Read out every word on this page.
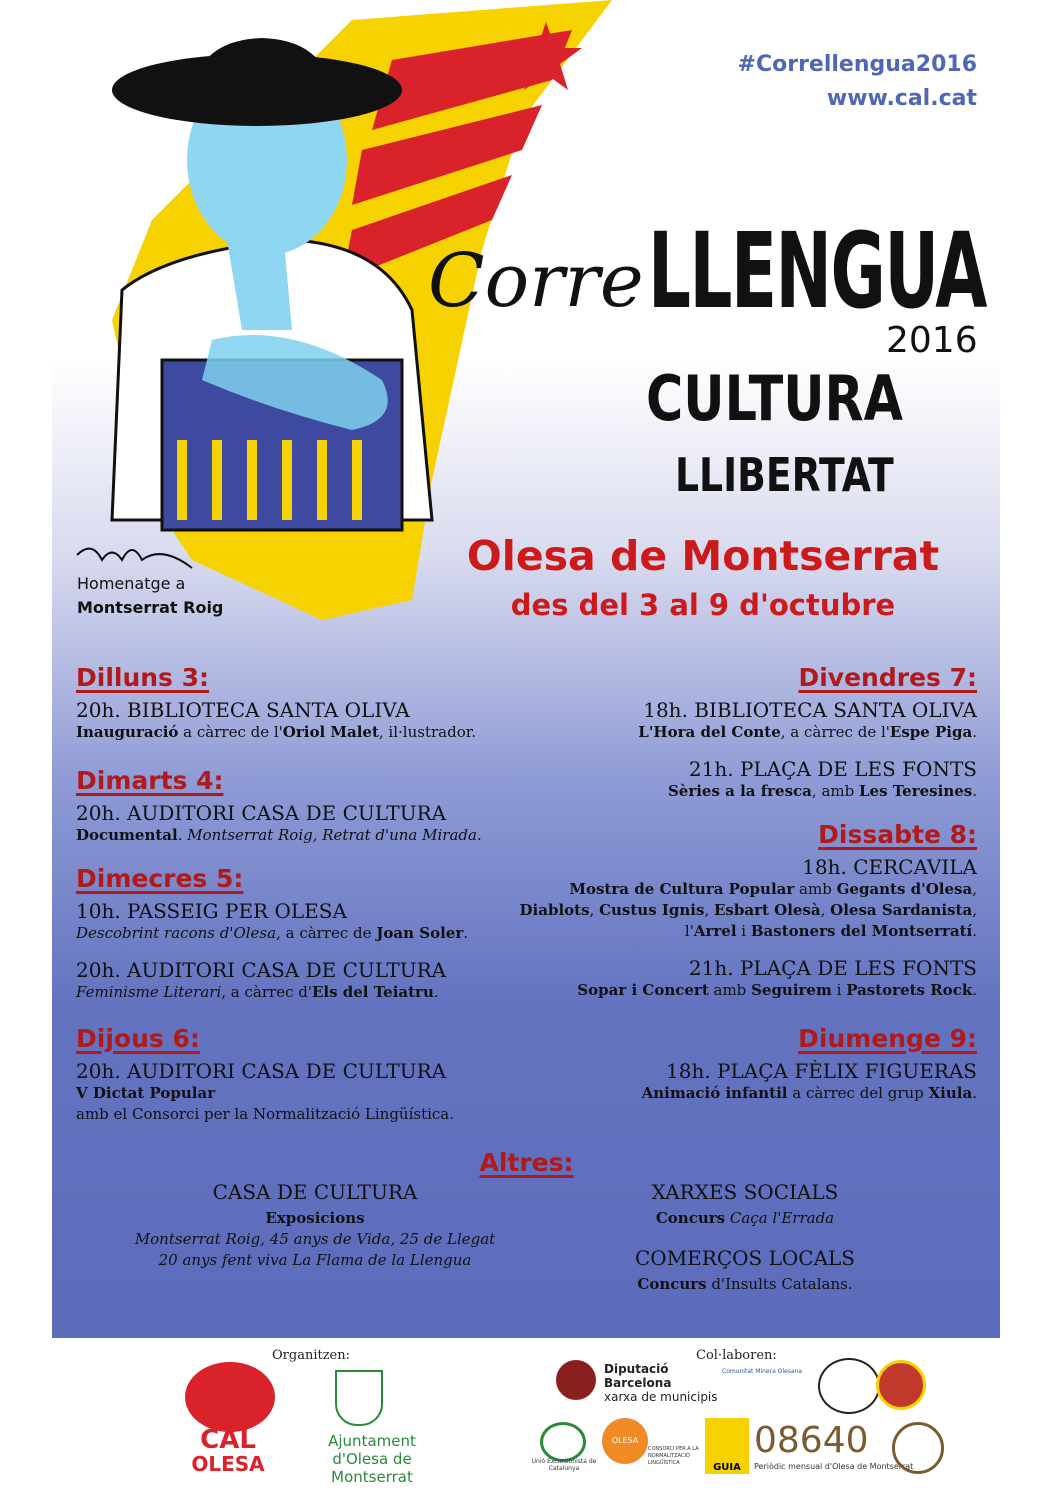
#Correllengua2016
www.cal.cat
Corre LLENGUA
2016
CULTURA
LLIBERTAT
Homenatge a
Montserrat Roig
Olesa de Montserrat
des del 3 al 9 d'octubre
Dilluns 3:
20h. BIBLIOTECA SANTA OLIVA
Inauguració a càrrec de l'Oriol Malet, il·lustrador.
Dimarts 4:
20h. AUDITORI CASA DE CULTURA
Documental. Montserrat Roig, Retrat d'una Mirada.
Dimecres 5:
10h. PASSEIG PER OLESA
Descobrint racons d'Olesa, a càrrec de Joan Soler.
20h. AUDITORI CASA DE CULTURA
Feminisme Literari, a càrrec d'Els del Teiatru.
Dijous 6:
20h. AUDITORI CASA DE CULTURA
V Dictat Popular
amb el Consorci per la Normalització Lingüística.
Divendres 7:
18h. BIBLIOTECA SANTA OLIVA
L'Hora del Conte, a càrrec de l'Espe Piga.
21h. PLAÇA DE LES FONTS
Sèries a la fresca, amb Les Teresines.
Dissabte 8:
18h. CERCAVILA
Mostra de Cultura Popular amb Gegants d'Olesa,
Diablots, Custus Ignis, Esbart Olesà, Olesa Sardanista,
l'Arrel i Bastoners del Montserratí.
21h. PLAÇA DE LES FONTS
Sopar i Concert amb Seguirem i Pastorets Rock.
Diumenge 9:
18h. PLAÇA FÈLIX FIGUERAS
Animació infantil a càrrec del grup Xiula.
Altres:
CASA DE CULTURA
Exposicions
Montserrat Roig, 45 anys de Vida, 25 de Llegat
20 anys fent viva La Flama de la Llengua
XARXES SOCIALS
Concurs Caça l'Errada
COMERÇOS LOCALS
Concurs d'Insults Catalans.
Organitzen:	Col·laboren:
CAL
OLESA
Ajuntament
d'Olesa de Montserrat
Diputació
Barcelona
xarxa de municipis
Comunitat Minera Olesana
Unió Excursionista de Catalunya
OLESA RADIO
CONSORCI PER A LA NORMALITZACIÓ LINGÜÍSTICA	GUIA
08640
Periòdic mensual d'Olesa de Montserrat
